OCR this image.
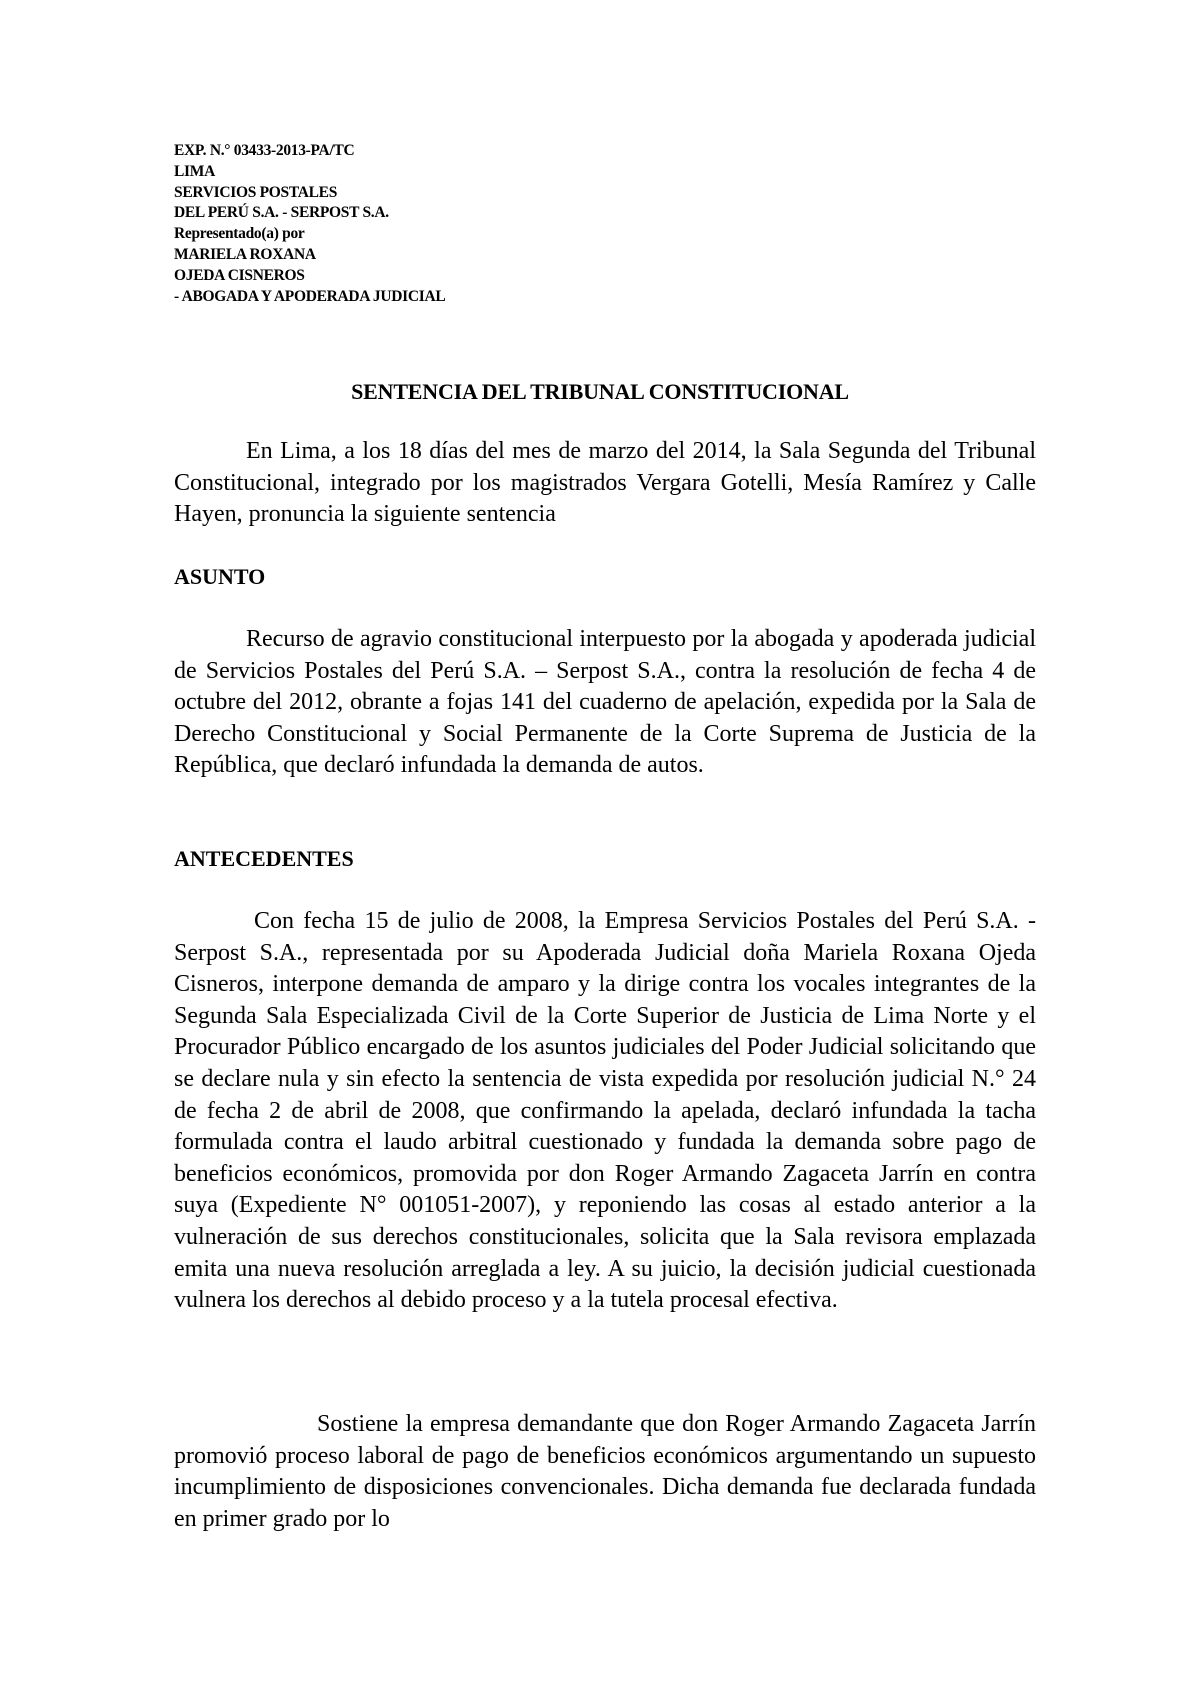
EXP. N.° 03433-2013-PA/TC
LIMA
SERVICIOS POSTALES
DEL PERÚ S.A. - SERPOST S.A.
Representado(a) por
MARIELA ROXANA
OJEDA CISNEROS
- ABOGADA Y APODERADA JUDICIAL
SENTENCIA DEL TRIBUNAL CONSTITUCIONAL

En Lima, a los 18 días del mes de marzo del 2014, la Sala Segunda del Tribunal Constitucional, integrado por los magistrados Vergara Gotelli, Mesía Ramírez y Calle Hayen, pronuncia la siguiente sentencia

ASUNTO

Recurso de agravio constitucional interpuesto por la abogada y apoderada judicial de Servicios Postales del Perú S.A. – Serpost S.A., contra la resolución de fecha 4 de octubre del 2012, obrante a fojas 141 del cuaderno de apelación, expedida por la Sala de Derecho Constitucional y Social Permanente de la Corte Suprema de Justicia de la República, que declaró infundada la demanda de autos.

ANTECEDENTES

Con fecha 15 de julio de 2008, la Empresa Servicios Postales del Perú S.A. - Serpost S.A., representada por su Apoderada Judicial doña Mariela Roxana Ojeda Cisneros, interpone demanda de amparo y la dirige contra los vocales integrantes de la Segunda Sala Especializada Civil de la Corte Superior de Justicia de Lima Norte y el Procurador Público encargado de los asuntos judiciales del Poder Judicial solicitando que se declare nula y sin efecto la sentencia de vista expedida por resolución judicial N.° 24 de fecha 2 de abril de 2008, que confirmando la apelada, declaró infundada la tacha formulada contra el laudo arbitral cuestionado y fundada la demanda sobre pago de beneficios económicos, promovida por don Roger Armando Zagaceta Jarrín en contra suya (Expediente N° 001051-2007), y reponiendo las cosas al estado anterior a la vulneración de sus derechos constitucionales, solicita que la Sala revisora emplazada emita una nueva resolución arreglada a ley. A su juicio, la decisión judicial cuestionada vulnera los derechos al debido proceso y a la tutela procesal efectiva.

Sostiene la empresa demandante que don Roger Armando Zagaceta Jarrín promovió proceso laboral de pago de beneficios económicos argumentando un supuesto incumplimiento de disposiciones convencionales. Dicha demanda fue declarada fundada en primer grado por lo
